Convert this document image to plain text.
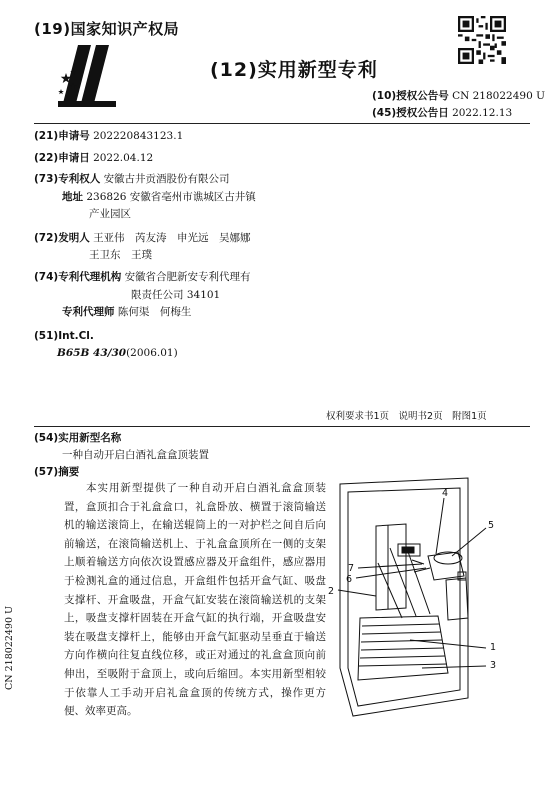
(19)国家知识产权局
(12)实用新型专利
(10)授权公告号 CN 218022490 U
(45)授权公告日 2022.12.13
(21)申请号 202220843123.1
(22)申请日 2022.04.12
(73)专利权人 安徽古井贡酒股份有限公司
地址 236826 安徽省亳州市谯城区古井镇
产业园区
(72)发明人 王亚伟　芮友涛　申光远　吴娜娜
王卫东　王璞
(74)专利代理机构 安徽省合肥新安专利代理有
限责任公司 34101
专利代理师 陈何渠　何梅生
(51)Int.Cl.
B65B 43/30(2006.01)
权利要求书1页　说明书2页　附图1页
(54)实用新型名称
一种自动开启白酒礼盒盒顶装置
(57)摘要
本实用新型提供了一种自动开启白酒礼盒盒顶装置，盒顶扣合于礼盒盒口，礼盒卧放、横置于滚筒输送机的输送滚筒上，在输送辊筒上的一对护栏之间自后向前输送，在滚筒输送机上、于礼盒盒顶所在一侧的支架上顺着输送方向依次设置感应器及开盒组件，感应器用于检测礼盒的通过信息，开盒组件包括开盒气缸、吸盘支撑杆、开盒吸盘，开盒气缸安装在滚筒输送机的支架上，吸盘支撑杆固装在开盒气缸的执行端，开盒吸盘安装在吸盘支撑杆上，能够由开盒气缸驱动呈垂直于输送方向作横向往复直线位移，或正对通过的礼盒盒顶向前伸出，至吸附于盒顶上，或向后缩回。本实用新型相较于依靠人工手动开启礼盒盒顶的传统方式，操作更方便、效率更高。
CN 218022490 U
4
5
7
6
2
1
3
